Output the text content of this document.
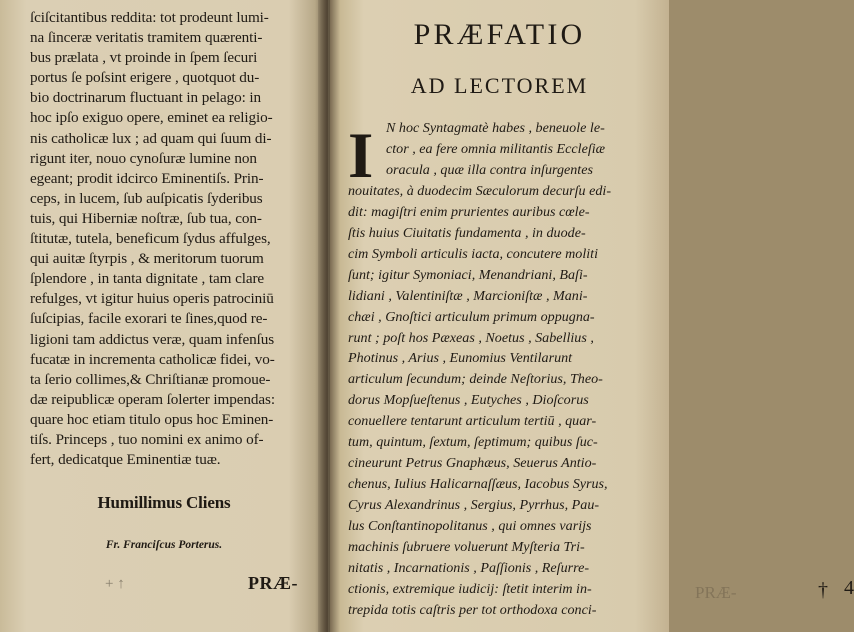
ſciſcitantibus reddita: tot prodeunt lumi-
na ſinceræ veritatis tramitem quærenti-
bus prælata , vt proinde in ſpem ſecuri
portus ſe poſsint erigere , quotquot du-
bio doctrinarum fluctuant in pelago: in
hoc ipſo exiguo opere, eminet ea religio-
nis catholicæ lux ; ad quam qui ſuum di-
rigunt iter, nouo cynoſuræ lumine non
egeant; prodit idcirco Eminentiſs. Prin-
ceps, in lucem, ſub auſpicatis ſyderibus
tuis, qui Hiberniæ noſtræ, ſub tua, con-
ſtitutæ, tutela, beneficum ſydus affulges,
qui auitæ ſtyrpis , & meritorum tuorum
ſplendore , in tanta dignitate , tam clare
refulges, vt igitur huius operis patrociniū
ſuſcipias, facile exorari te ſines,quod re-
ligioni tam addictus veræ, quam infenſus
fucatæ in incrementa catholicæ fidei, vo-
ta ſerio collimes,& Chriſtianæ promoue-
dæ reipublicæ operam ſolerter impendas:
quare hoc etiam titulo opus hoc Eminen-
tiſs. Princeps , tuo nomini ex animo of-
fert, dedicatque Eminentiæ tuæ.
Humillimus Cliens
Fr. Franciſcus Porterus.
+ ↑	PRÆ-
PRÆFATIO
AD LECTOREM
I N hoc Syntagmatè habes , beneuole le-
ctor , ea fere omnia militantis Eccleſiæ
oracula , quæ illa contra inſurgentes
nouitates, à duodecim Sæculorum decurſu edi-
dit: magiſtri enim prurientes auribus cœle-
ſtis huius Ciuitatis fundamenta , in duode-
cim Symboli articulis iacta, concutere moliti
ſunt; igitur Symoniaci, Menandriani, Baſi-
lidiani , Valentiniſtæ , Marcioniſtæ , Mani-
chæi , Gnoſtici articulum primum oppugna-
runt ; poſt hos Pæxeas , Noetus , Sabellius ,
Photinus , Arius , Eunomius Ventilarunt
articulum ſecundum; deinde Neſtorius, Theo-
dorus Mopſueſtenus , Eutyches , Dioſcorus
conuellere tentarunt articulum tertiū , quar-
tum, quintum, ſextum, ſeptimum; quibus ſuc-
cineurunt Petrus Gnaphæus, Seuerus Antio-
chenus, Iulius Halicarnaſſæus, Iacobus Syrus,
Cyrus Alexandrinus , Sergius, Pyrrhus, Pau-
lus Conſtantinopolitanus , qui omnes varijs
machinis ſubruere voluerunt Myſteria Tri-
nitatis , Incarnationis , Paſſionis , Reſurre-
ctionis, extremique iudicij: ſtetit interim in-
trepida totis caſtris per tot orthodoxa conci-
PRÆ-	† 4
